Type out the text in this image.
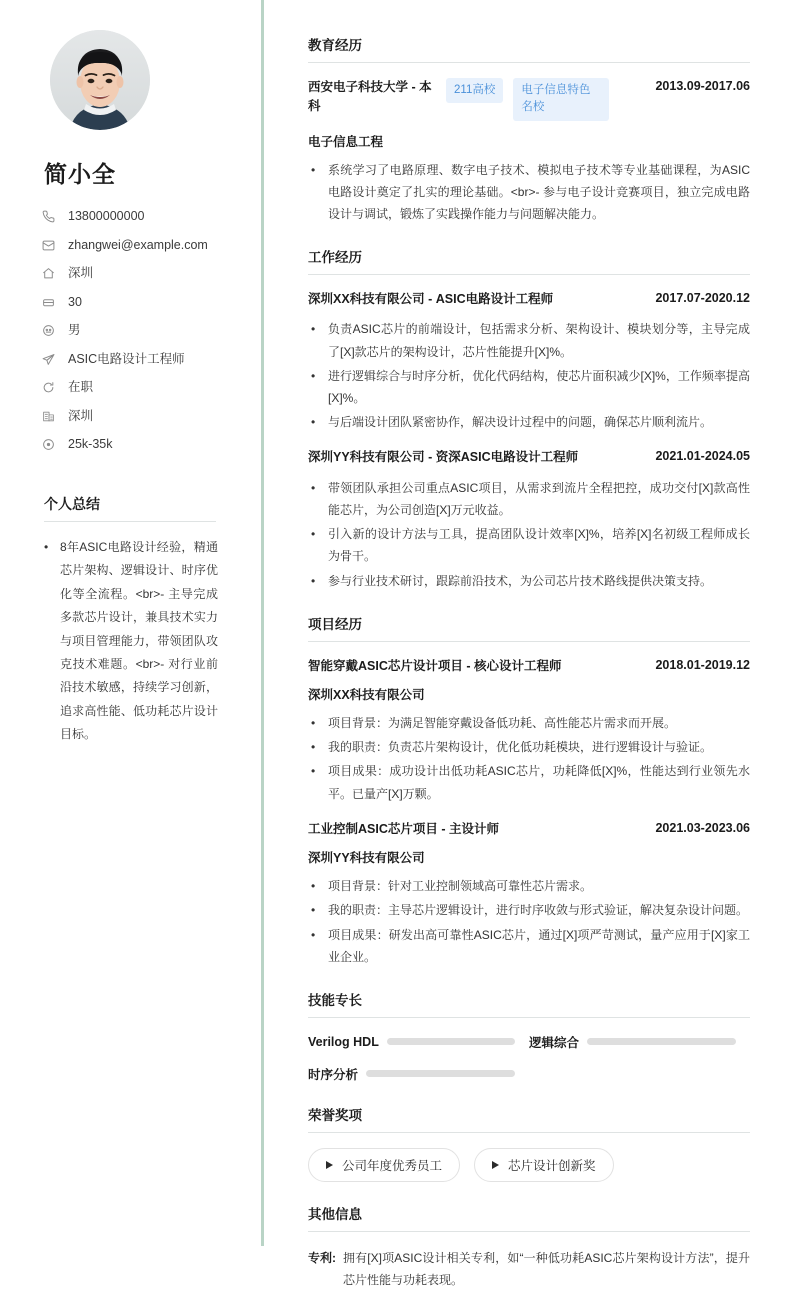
简小全
13800000000
zhangwei@example.com
深圳
30
男
ASIC电路设计工程师
在职
深圳
25k-35k
个人总结
• 8年ASIC电路设计经验，精通芯片架构、逻辑设计、时序优化等全流程。<br>- 主导完成多款芯片设计，兼具技术实力与项目管理能力，带领团队攻克技术难题。<br>- 对行业前沿技术敏感，持续学习创新，追求高性能、低功耗芯片设计目标。
教育经历
西安电子科技大学 - 本科
211高校	电子信息特色名校
2013.09-2017.06
电子信息工程
• 系统学习了电路原理、数字电子技术、模拟电子技术等专业基础课程，为ASIC电路设计奠定了扎实的理论基础。<br>- 参与电子设计竞赛项目，独立完成电路设计与调试，锻炼了实践操作能力与问题解决能力。
工作经历
深圳XX科技有限公司 - ASIC电路设计工程师	2017.07-2020.12
• 负责ASIC芯片的前端设计，包括需求分析、架构设计、模块划分等，主导完成了[X]款芯片的架构设计，芯片性能提升[X]%。
• 进行逻辑综合与时序分析，优化代码结构，使芯片面积减少[X]%，工作频率提高[X]%。
• 与后端设计团队紧密协作，解决设计过程中的问题，确保芯片顺利流片。
深圳YY科技有限公司 - 资深ASIC电路设计工程师	2021.01-2024.05
• 带领团队承担公司重点ASIC项目，从需求到流片全程把控，成功交付[X]款高性能芯片，为公司创造[X]万元收益。
• 引入新的设计方法与工具，提高团队设计效率[X]%，培养[X]名初级工程师成长为骨干。
• 参与行业技术研讨，跟踪前沿技术，为公司芯片技术路线提供决策支持。
项目经历
智能穿戴ASIC芯片设计项目 - 核心设计工程师	2018.01-2019.12
深圳XX科技有限公司
• 项目背景：为满足智能穿戴设备低功耗、高性能芯片需求而开展。
• 我的职责：负责芯片架构设计，优化低功耗模块，进行逻辑设计与验证。
• 项目成果：成功设计出低功耗ASIC芯片，功耗降低[X]%，性能达到行业领先水平。已量产[X]万颗。
工业控制ASIC芯片项目 - 主设计师	2021.03-2023.06
深圳YY科技有限公司
• 项目背景：针对工业控制领域高可靠性芯片需求。
• 我的职责：主导芯片逻辑设计，进行时序收敛与形式验证，解决复杂设计问题。
• 项目成果：研发出高可靠性ASIC芯片，通过[X]项严苛测试，量产应用于[X]家工业企业。
技能专长
Verilog HDL	逻辑综合
时序分析
荣誉奖项
公司年度优秀员工	芯片设计创新奖
其他信息
专利: 拥有[X]项ASIC设计相关专利，如“一种低功耗ASIC芯片架构设计方法”，提升芯片性能与功耗表现。
